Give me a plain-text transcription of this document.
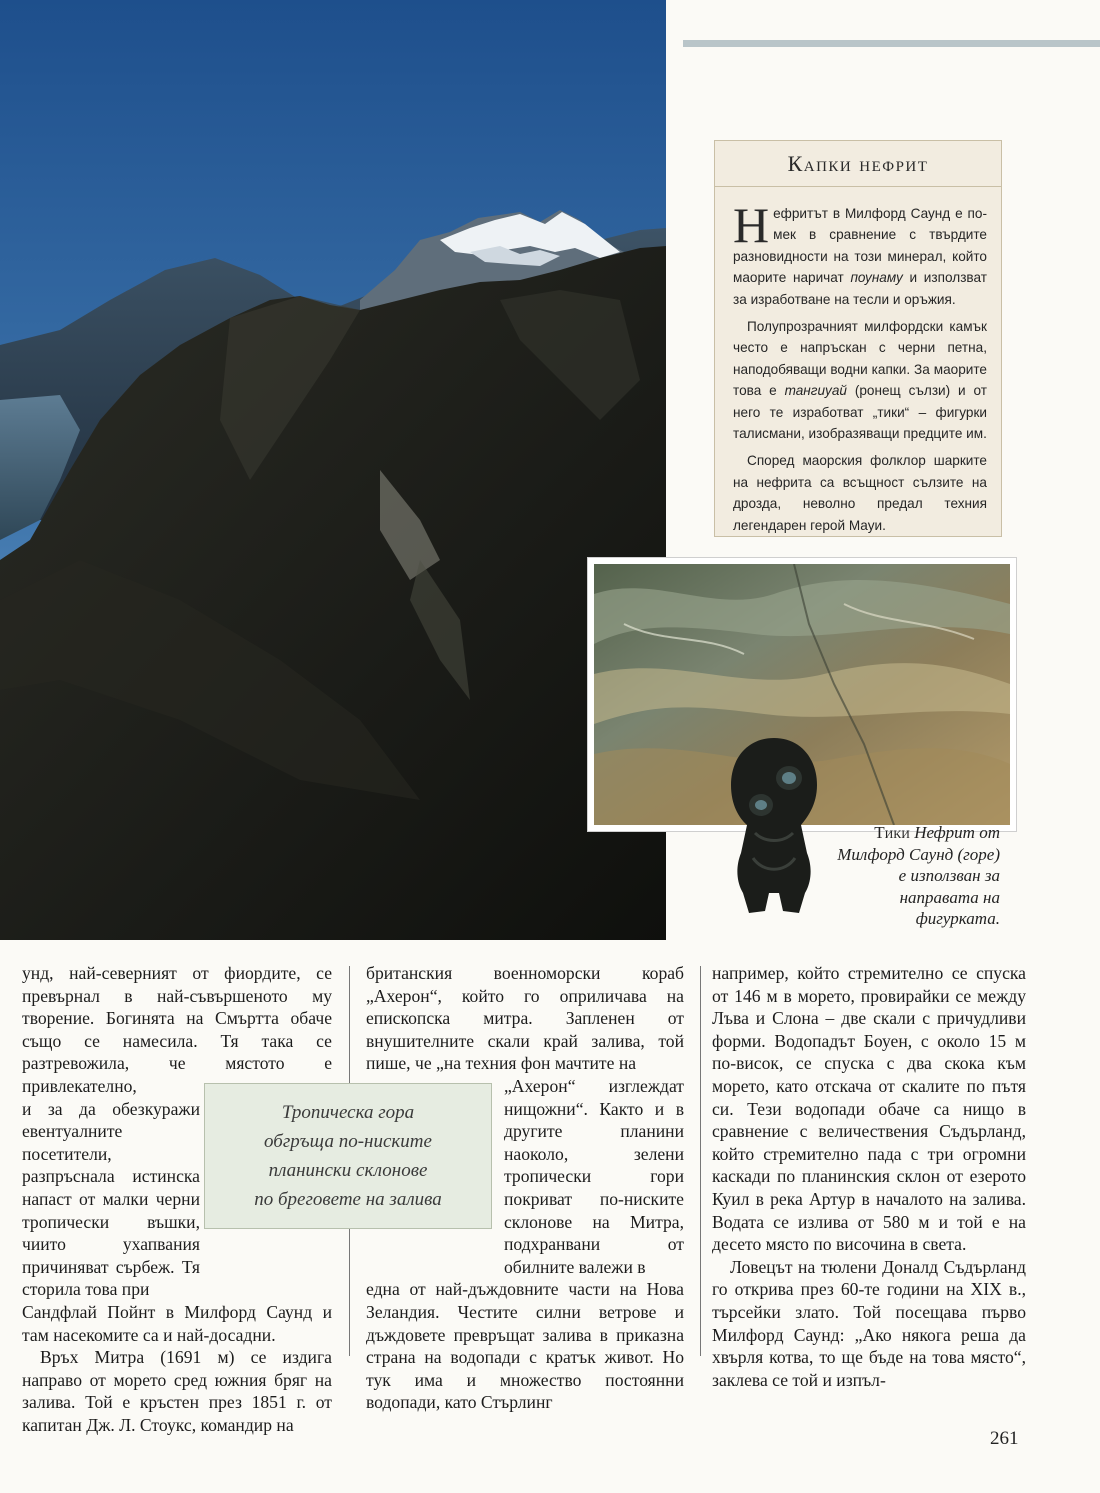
Капки нефрит

Нефритът в Милфорд Саунд е по-мек в сравнение с твърдите разновидности на този минерал, който маорите наричат поунаму и използват за изработване на тесли и оръжия.

Полупрозрачният милфордски камък често е напръскан с черни петна, наподобяващи водни капки. За маорите това е тангиуай (ронещ сълзи) и от него те изработват „тики“ – фигурки талисмани, изобразяващи предците им.

Според маорския фолклор шарките на нефрита са всъщност сълзите на дрозда, неволно предал техния легендарен герой Мауи.

Тики Нефрит от Милфорд Саунд (горе) е използван за направата на фигурката.

унд, най-северният от фиордите, се превърнал в най-съвършеното му творение. Богинята на Смъртта обаче също се намесила. Тя така се разтревожила, че мястото е привлекателно,

и за да обезкуражи евентуалните посетители, разпръснала истинска напаст от малки черни тропически въшки, чиито ухапвания причиняват сърбеж. Тя сторила това при

Сандфлай Пойнт в Милфорд Саунд и там насекомите са и най-досадни.

Връх Митра (1691 м) се издига направо от морето сред южния бряг на залива. Той е кръстен през 1851 г. от капитан Дж. Л. Стоукс, командир на

британския военноморски кораб „Ахерон“, който го оприличава на епископска митра. Запленен от внушителните скали край залива, той пише, че „на техния фон мачтите на

„Ахерон“ изглеждат нищожни“. Както и в другите планини наоколо, зелени тропически гори покриват по-ниските склонове на Митра, подхранвани от обилните валежи в

една от най-дъждовните части на Нова Зеландия. Честите силни ветрове и дъждовете превръщат залива в приказна страна на водопади с кратък живот. Но тук има и множество постоянни водопади, като Стърлинг

например, който стремително се спуска от 146 м в морето, провирайки се между Лъва и Слона – две скали с причудливи форми. Водопадът Боуен, с около 15 м по-висок, се спуска с два скока към морето, като отскача от скалите по пътя си. Тези водопади обаче са нищо в сравнение с величествения Съдърланд, който стремително пада с три огромни каскади по планинския склон от езерото Куил в река Артур в началото на залива. Водата се излива от 580 м и той е на десето място по височина в света.

Ловецът на тюлени Доналд Съдърланд го открива през 60-те години на XIX в., търсейки злато. Той посещава първо Милфорд Саунд: „Ако някога реша да хвърля котва, то ще бъде на това място“, заклева се той и изпъл-

Тропическа гора
обгръща по-ниските
планински склонове
по бреговете на залива
261
